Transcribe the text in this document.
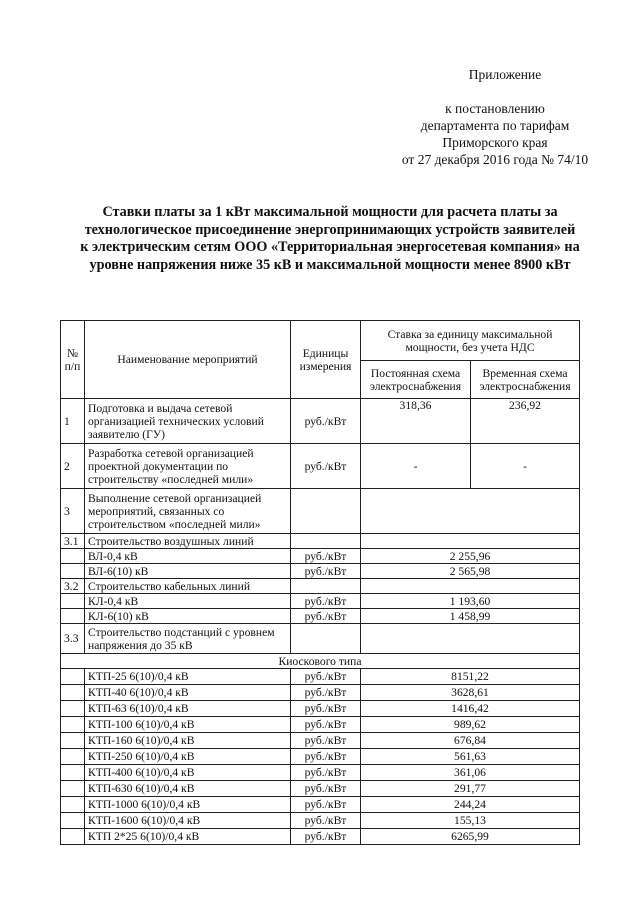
Приложение
к постановлению
департамента по тарифам
Приморского края
от 27 декабря 2016 года № 74/10
Ставки платы за 1 кВт максимальной мощности для расчета платы за технологическое присоединение энергопринимающих устройств заявителей к электрическим сетям ООО «Территориальная энергосетевая компания» на уровне напряжения ниже 35 кВ и максимальной мощности менее 8900 кВт
№ п/п	Наименование мероприятий	Единицы измерения	Ставка за единицу максимальной мощности, без учета НДС	
			Постоянная схема электроснабжения	Временная схема электроснабжения
1	Подготовка и выдача сетевой организацией технических условий заявителю (ГУ)	руб./кВт	318,36	236,92
2	Разработка сетевой организацией проектной документации по строительству «последней мили»	руб./кВт	-	-
3	Выполнение сетевой организацией мероприятий, связанных со строительством «последней мили»			
3.1	Строительство воздушных линий			
	ВЛ-0,4 кВ	руб./кВт	2 255,96	
	ВЛ-6(10) кВ	руб./кВт	2 565,98	
3.2	Строительство кабельных линий			
	КЛ-0,4 кВ	руб./кВт	1 193,60	
	КЛ-6(10) кВ	руб./кВт	1 458,99	
3.3	Строительство подстанций с уровнем напряжения до 35 кВ			
Киоскового типа				
	КТП-25 6(10)/0,4 кВ	руб./кВт	8151,22	
	КТП-40 6(10)/0,4 кВ	руб./кВт	3628,61	
	КТП-63 6(10)/0,4 кВ	руб./кВт	1416,42	
	КТП-100 6(10)/0,4 кВ	руб./кВт	989,62	
	КТП-160 6(10)/0,4 кВ	руб./кВт	676,84	
	КТП-250 6(10)/0,4 кВ	руб./кВт	561,63	
	КТП-400 6(10)/0,4 кВ	руб./кВт	361,06	
	КТП-630 6(10)/0,4 кВ	руб./кВт	291,77	
	КТП-1000 6(10)/0,4 кВ	руб./кВт	244,24	
	КТП-1600 6(10)/0,4 кВ	руб./кВт	155,13	
	КТП 2*25 6(10)/0,4 кВ	руб./кВт	6265,99	
